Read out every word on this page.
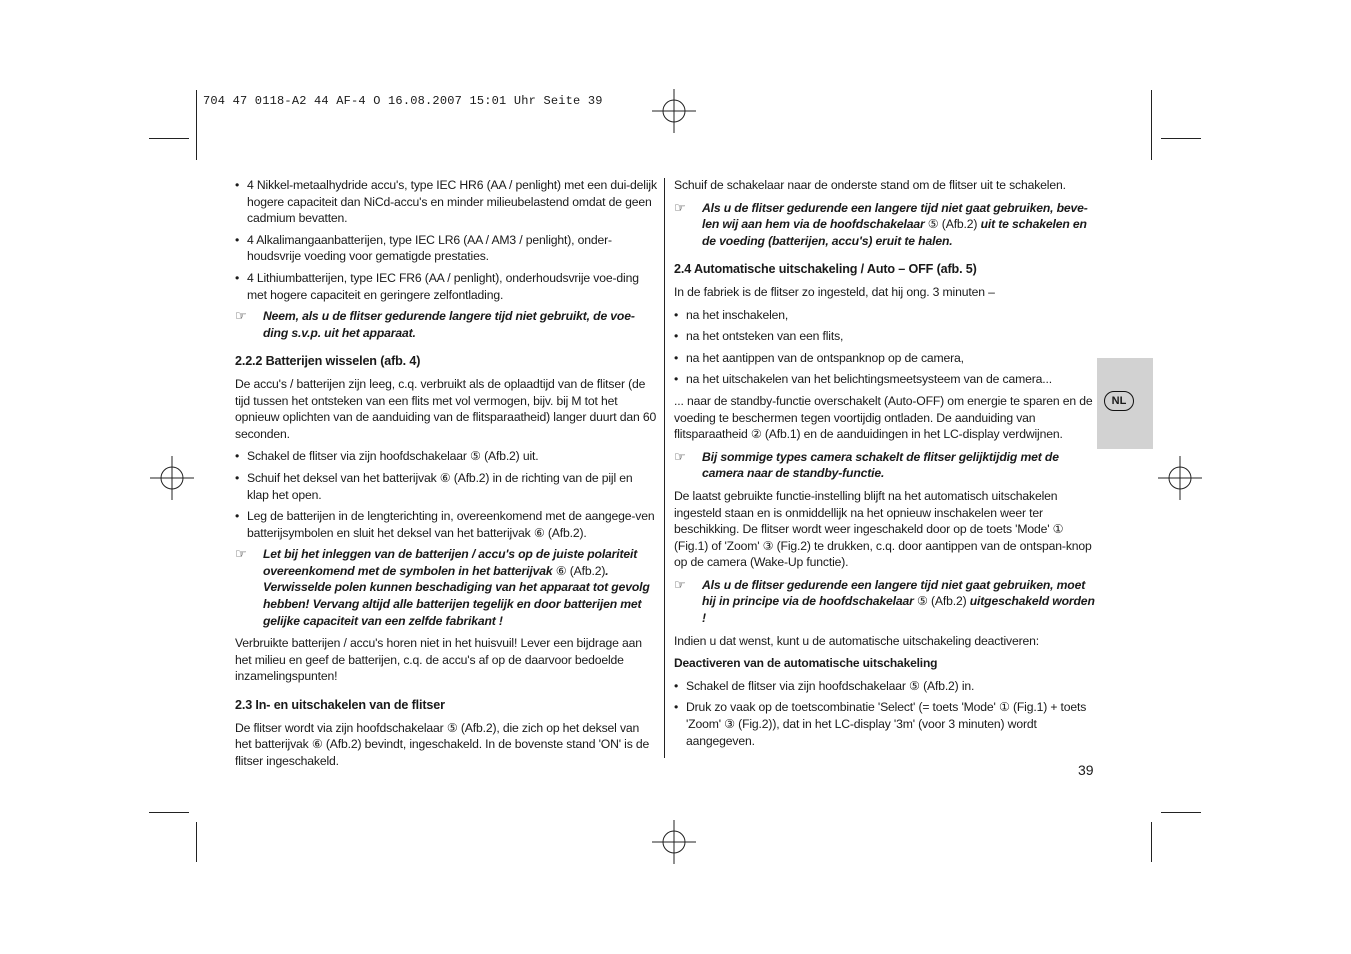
704 47 0118-A2 44 AF-4 O 16.08.2007 15:01 Uhr Seite 39
NL
• 4 Nikkel-metaalhydride accu's, type IEC HR6 (AA / penlight) met een dui-delijk hogere capaciteit dan NiCd-accu's en minder milieubelastend omdat de geen cadmium bevatten.
• 4 Alkalimangaanbatterijen, type IEC LR6 (AA / AM3 / penlight), onder-houdsvrije voeding voor gematigde prestaties.
• 4 Lithiumbatterijen, type IEC FR6 (AA / penlight), onderhoudsvrije voe-ding met hogere capaciteit en geringere zelfontlading.
☞	Neem, als u de flitser gedurende langere tijd niet gebruikt, de voe-ding s.v.p. uit het apparaat.
2.2.2 Batterijen wisselen (afb. 4)

De accu's / batterijen zijn leeg, c.q. verbruikt als de oplaadtijd van de flitser (de tijd tussen het ontsteken van een flits met vol vermogen, bijv. bij M tot het opnieuw oplichten van de aanduiding van de flitsparaatheid) langer duurt dan 60 seconden.

• Schakel de flitser via zijn hoofdschakelaar ⑤ (Afb.2) uit.
• Schuif het deksel van het batterijvak ⑥ (Afb.2) in de richting van de pijl en klap het open.
• Leg de batterijen in de lengterichting in, overeenkomend met de aangege-ven batterijsymbolen en sluit het deksel van het batterijvak ⑥ (Afb.2).
☞	Let bij het inleggen van de batterijen / accu's op de juiste polariteit overeenkomend met de symbolen in het batterijvak ⑥ (Afb.2). Verwisselde polen kunnen beschadiging van het apparaat tot gevolg hebben! Vervang altijd alle batterijen tegelijk en door batterijen met gelijke capaciteit van een zelfde fabrikant !

Verbruikte batterijen / accu's horen niet in het huisvuil! Lever een bijdrage aan het milieu en geef de batterijen, c.q. de accu's af op de daarvoor bedoelde inzamelingspunten!

2.3 In- en uitschakelen van de flitser

De flitser wordt via zijn hoofdschakelaar ⑤ (Afb.2), die zich op het deksel van het batterijvak ⑥ (Afb.2) bevindt, ingeschakeld. In de bovenste stand 'ON' is de flitser ingeschakeld.

Schuif de schakelaar naar de onderste stand om de flitser uit te schakelen.

☞	Als u de flitser gedurende een langere tijd niet gaat gebruiken, beve-len wij aan hem via de hoofdschakelaar ⑤ (Afb.2) uit te schakelen en de voeding (batterijen, accu's) eruit te halen.
2.4 Automatische uitschakeling / Auto – OFF (afb. 5)

In de fabriek is de flitser zo ingesteld, dat hij ong. 3 minuten –

• na het inschakelen,
• na het ontsteken van een flits,
• na het aantippen van de ontspanknop op de camera,
• na het uitschakelen van het belichtingsmeetsysteem van de camera...

... naar de standby-functie overschakelt (Auto-OFF) om energie te sparen en de voeding te beschermen tegen voortijdig ontladen. De aanduiding van flitsparaatheid ② (Afb.1) en de aanduidingen in het LC-display verdwijnen.

☞	Bij sommige types camera schakelt de flitser gelijktijdig met de camera naar de standby-functie.

De laatst gebruikte functie-instelling blijft na het automatisch uitschakelen ingesteld staan en is onmiddellijk na het opnieuw inschakelen weer ter beschikking. De flitser wordt weer ingeschakeld door op de toets 'Mode' ① (Fig.1) of 'Zoom' ③ (Fig.2) te drukken, c.q. door aantippen van de ontspan-knop op de camera (Wake-Up functie).

☞	Als u de flitser gedurende een langere tijd niet gaat gebruiken, moet hij in principe via de hoofdschakelaar ⑤ (Afb.2) uitgeschakeld worden !

Indien u dat wenst, kunt u de automatische uitschakeling deactiveren:

Deactiveren van de automatische uitschakeling
• Schakel de flitser via zijn hoofdschakelaar ⑤ (Afb.2) in.
• Druk zo vaak op de toetscombinatie 'Select' (= toets 'Mode' ① (Fig.1) + toets 'Zoom' ③ (Fig.2)), dat in het LC-display '3m' (voor 3 minuten) wordt aangegeven.
39
